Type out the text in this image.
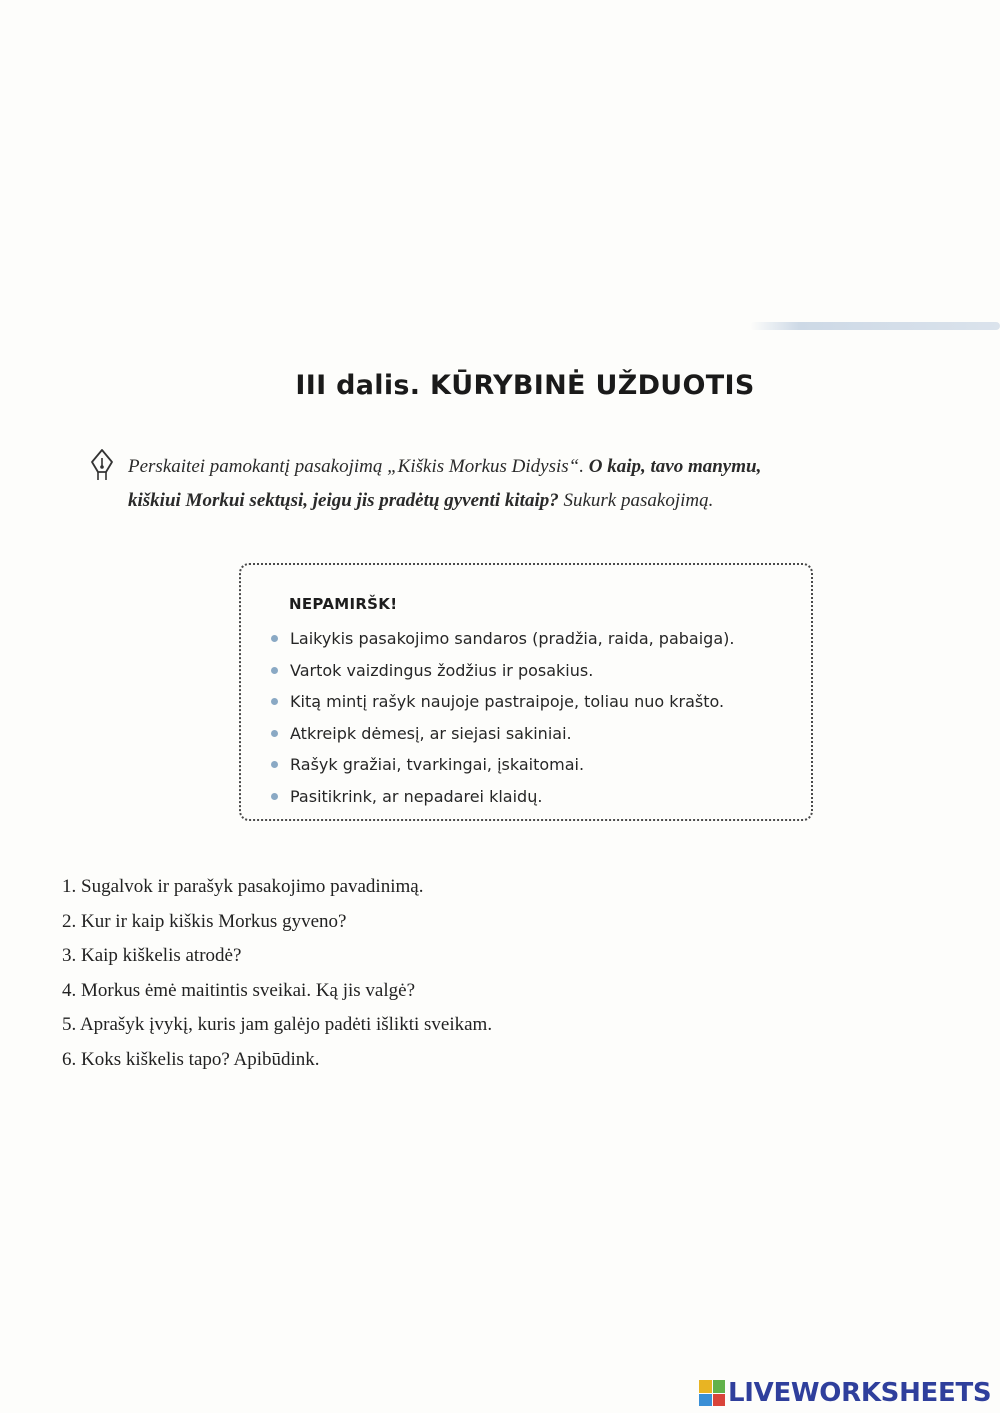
III dalis. KŪRYBINĖ UŽDUOTIS

Perskaitei pamokantį pasakojimą „Kiškis Morkus Didysis“. O kaip, tavo manymu,
kiškiui Morkui sektųsi, jeigu jis pradėtų gyventi kitaip? Sukurk pasakojimą.

NEPAMIRŠK!
Laikykis pasakojimo sandaros (pradžia, raida, pabaiga).
Vartok vaizdingus žodžius ir posakius.
Kitą mintį rašyk naujoje pastraipoje, toliau nuo krašto.
Atkreipk dėmesį, ar siejasi sakiniai.
Rašyk gražiai, tvarkingai, įskaitomai.
Pasitikrink, ar nepadarei klaidų.
1. Sugalvok ir parašyk pasakojimo pavadinimą.
2. Kur ir kaip kiškis Morkus gyveno?
3. Kaip kiškelis atrodė?
4. Morkus ėmė maitintis sveikai. Ką jis valgė?
5. Aprašyk įvykį, kuris jam galėjo padėti išlikti sveikam.
6. Koks kiškelis tapo? Apibūdink.
LIVEWORKSHEETS
